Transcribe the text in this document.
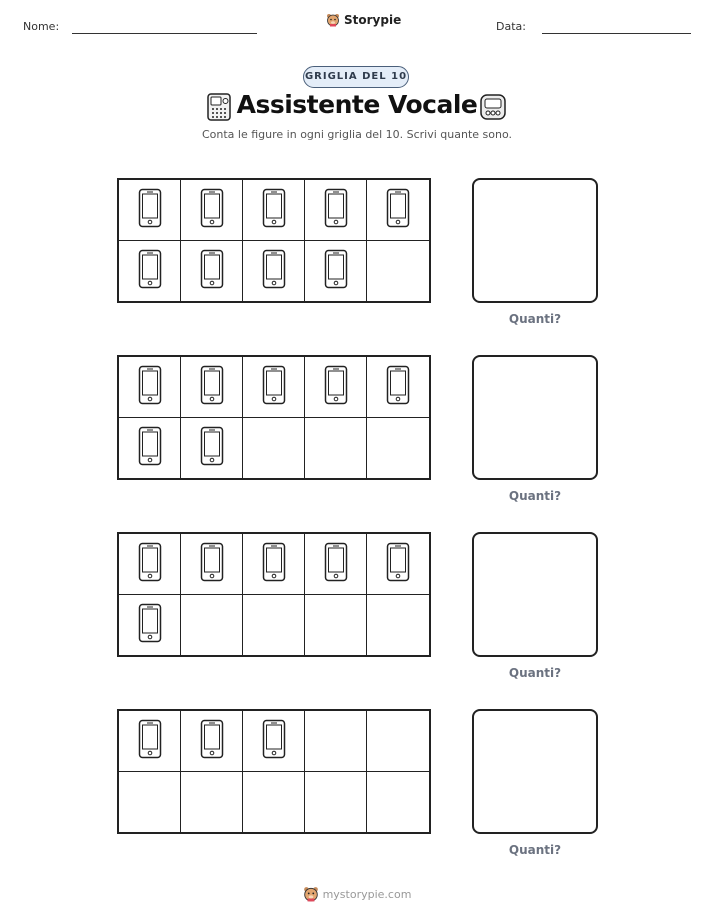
Nome:	Storypie	Data:
GRIGLIA DEL 10
Assistente Vocale
Conta le figure in ogni griglia del 10. Scrivi quante sono.
Quanti?
Quanti?
Quanti?
Quanti?
mystorypie.com
